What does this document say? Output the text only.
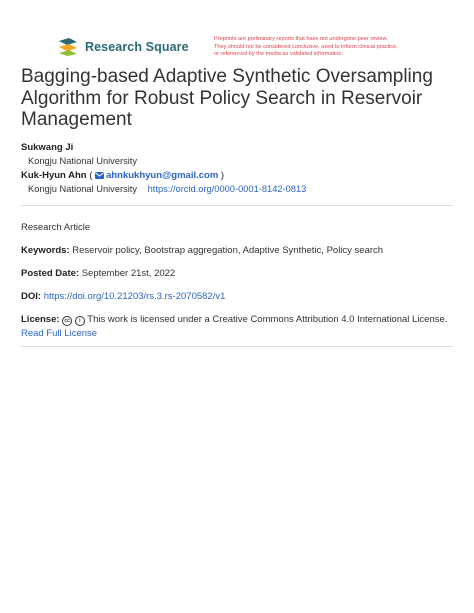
Research Square
Preprints are preliminary reports that have not undergone peer review.
They should not be considered conclusive, used to inform clinical practice,
or referenced by the media as validated information.
Bagging-based Adaptive Synthetic Oversampling
Algorithm for Robust Policy Search in Reservoir
Management
Sukwang Ji
Kongju National University
Kuk-Hyun Ahn ( ahnkukhyun@gmail.com )
Kongju National University https://orcid.org/0000-0001-8142-0813
Research Article
Keywords: Reservoir policy, Bootstrap aggregation, Adaptive Synthetic, Policy search
Posted Date: September 21st, 2022
DOI: https://doi.org/10.21203/rs.3.rs-2070582/v1
License: cc i This work is licensed under a Creative Commons Attribution 4.0 International License.
Read Full License
